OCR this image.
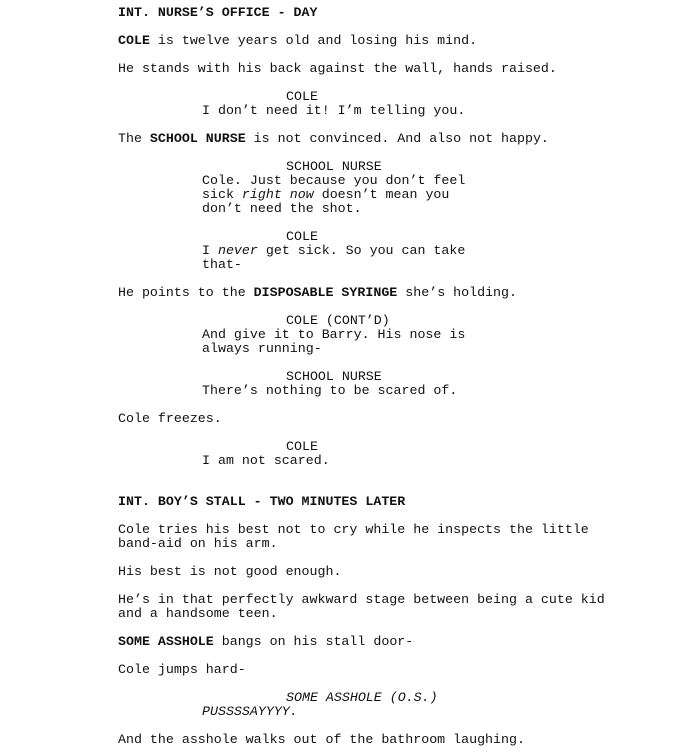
INT. NURSE’S OFFICE - DAY
COLE is twelve years old and losing his mind.
He stands with his back against the wall, hands raised.
COLE
I don’t need it! I’m telling you.
The SCHOOL NURSE is not convinced. And also not happy.
SCHOOL NURSE
Cole. Just because you don’t feel
sick right now doesn’t mean you
don’t need the shot.
COLE
I never get sick. So you can take
that-
He points to the DISPOSABLE SYRINGE she’s holding.
COLE (CONT’D)
And give it to Barry. His nose is
always running-
SCHOOL NURSE
There’s nothing to be scared of.
Cole freezes.
COLE
I am not scared.
INT. BOY’S STALL - TWO MINUTES LATER
Cole tries his best not to cry while he inspects the little
band-aid on his arm.
His best is not good enough.
He’s in that perfectly awkward stage between being a cute kid
and a handsome teen.
SOME ASSHOLE bangs on his stall door-
Cole jumps hard-
SOME ASSHOLE (O.S.)
PUSSSSAYYYY.
And the asshole walks out of the bathroom laughing.
